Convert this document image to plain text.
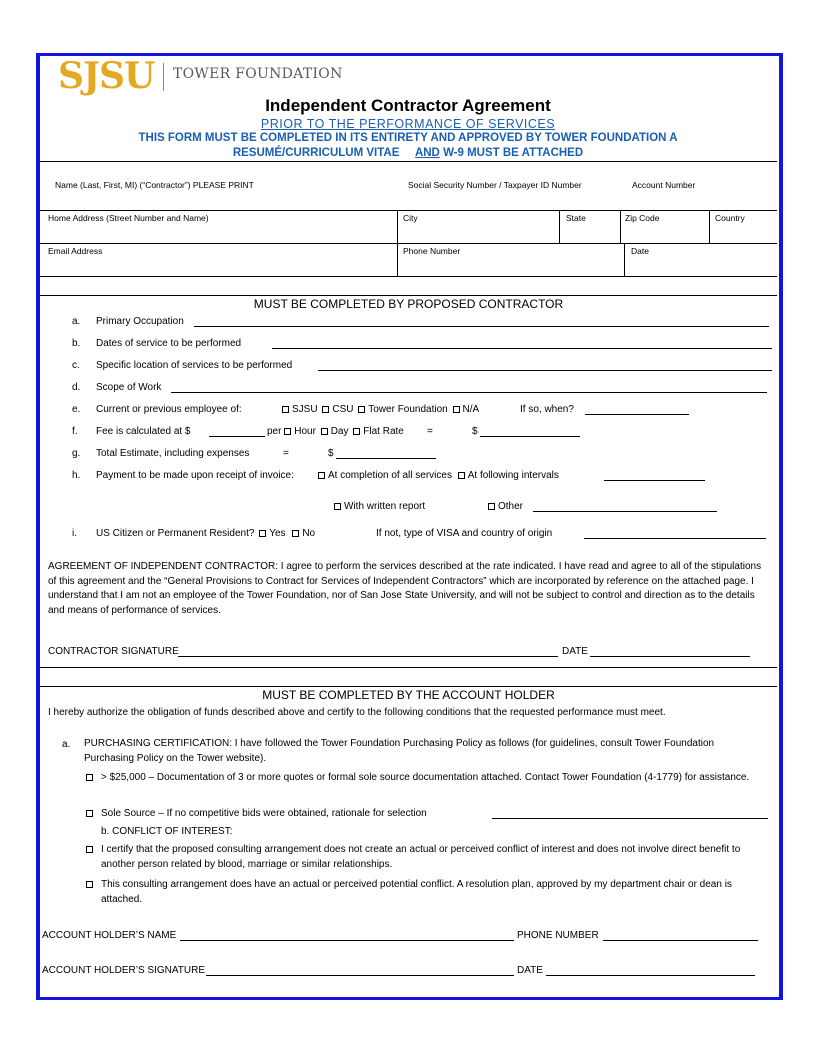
SJSU TOWER FOUNDATION
Independent Contractor Agreement
PRIOR TO THE PERFORMANCE OF SERVICES
THIS FORM MUST BE COMPLETED IN ITS ENTIRETY AND APPROVED BY TOWER FOUNDATION A
RESUMÉ/CURRICULUM VITAE AND W-9 MUST BE ATTACHED
Name (Last, First, MI) (“Contractor”) PLEASE PRINT	Social Security Number / Taxpayer ID Number	Account Number
Home Address (Street Number and Name)	City	State	Zip Code	Country
Email Address	Phone Number	Date
MUST BE COMPLETED BY PROPOSED CONTRACTOR
a. Primary Occupation
b. Dates of service to be performed
c. Specific location of services to be performed
d. Scope of Work
e. Current or previous employee of:	SJSU CSU Tower Foundation N/A	If so, when?
f. Fee is calculated at $	per Hour Day Flat Rate =	$
g. Total Estimate, including expenses	=	$
h. Payment to be made upon receipt of invoice:	At completion of all services At following intervals
With written report	Other
i. US Citizen or Permanent Resident? Yes No	If not, type of VISA and country of origin
AGREEMENT OF INDEPENDENT CONTRACTOR: I agree to perform the services described at the rate indicated. I have read and agree to all of the stipulations of this agreement and the “General Provisions to Contract for Services of Independent Contractors” which are incorporated by reference on the attached page. I understand that I am not an employee of the Tower Foundation, nor of San Jose State University, and will not be subject to control and direction as to the details and means of performance of services.
CONTRACTOR SIGNATURE	DATE
MUST BE COMPLETED BY THE ACCOUNT HOLDER
I hereby authorize the obligation of funds described above and certify to the following conditions that the requested performance must meet.
a. PURCHASING CERTIFICATION: I have followed the Tower Foundation Purchasing Policy as follows (for guidelines, consult Tower Foundation Purchasing Policy on the Tower website).
> $25,000 – Documentation of 3 or more quotes or formal sole source documentation attached. Contact Tower Foundation (4-1779) for assistance.
Sole Source – If no competitive bids were obtained, rationale for selection
b. CONFLICT OF INTEREST:
I certify that the proposed consulting arrangement does not create an actual or perceived conflict of interest and does not involve direct benefit to another person related by blood, marriage or similar relationships.
This consulting arrangement does have an actual or perceived potential conflict. A resolution plan, approved by my department chair or dean is attached.
ACCOUNT HOLDER’S NAME	PHONE NUMBER
ACCOUNT HOLDER’S SIGNATURE	DATE
